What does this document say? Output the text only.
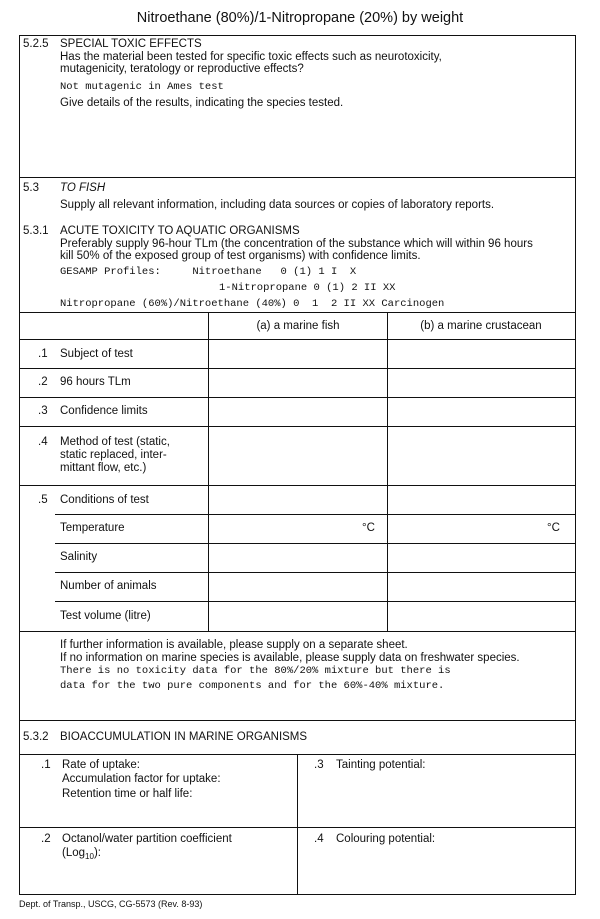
Nitroethane (80%)/1-Nitropropane (20%) by weight
5.2.5 SPECIAL TOXIC EFFECTS
Has the material been tested for specific toxic effects such as neurotoxicity,
mutagenicity, teratology or reproductive effects?
Not mutagenic in Ames test
Give details of the results, indicating the species tested.
5.3 TO FISH
Supply all relevant information, including data sources or copies of laboratory reports.
5.3.1 ACUTE TOXICITY TO AQUATIC ORGANISMS
Preferably supply 96-hour TLm (the concentration of the substance which will within 96 hours
kill 50% of the exposed group of test organisms) with confidence limits.
GESAMP Profiles:     Nitroethane   0 (1) 1 I  X
1-Nitropropane 0 (1) 2 II XX
Nitropropane (60%)/Nitroethane (40%) 0  1  2 II XX Carcinogen
(a) a marine fish	(b) a marine crustacean
.1 Subject of test
.2 96 hours TLm
.3 Confidence limits
.4 Method of test (static,
static replaced, inter-
mittant flow, etc.)
.5 Conditions of test
Temperature	°C	°C
Salinity
Number of animals
Test volume (litre)
If further information is available, please supply on a separate sheet.
If no information on marine species is available, please supply data on freshwater species.
There is no toxicity data for the 80%/20% mixture but there is
data for the two pure components and for the 60%-40% mixture.
5.3.2 BIOACCUMULATION IN MARINE ORGANISMS
.1 Rate of uptake:
Accumulation factor for uptake:
Retention time or half life:
.3 Tainting potential:
.2 Octanol/water partition coefficient
(Log$_{10}$):
.4 Colouring potential:
Dept. of Transp., USCG, CG-5573 (Rev. 8-93)
